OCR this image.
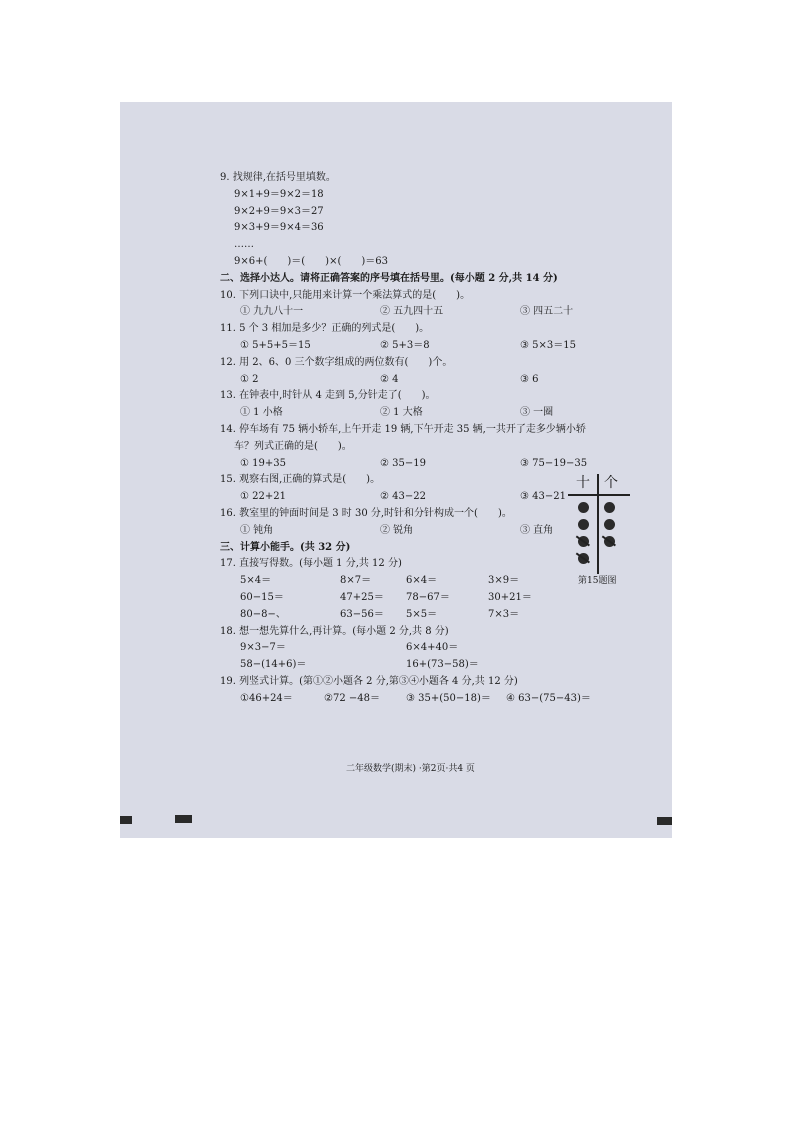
9. 找规律,在括号里填数。
9×1+9＝9×2＝18
9×2+9＝9×3＝27
9×3+9＝9×4＝36
……
9×6+(　　)＝(　　)×(　　)＝63
二、选择小达人。请将正确答案的序号填在括号里。(每小题 2 分,共 14 分)
10. 下列口诀中,只能用来计算一个乘法算式的是(　　)。
① 九九八十一	② 五九四十五	③ 四五二十
11. 5 个 3 相加是多少？正确的列式是(　　)。
① 5+5+5＝15	② 5+3＝8	③ 5×3＝15
12. 用 2、6、0 三个数字组成的两位数有(　　)个。
① 2	② 4	③ 6
13. 在钟表中,时针从 4 走到 5,分针走了(　　)。
① 1 小格	② 1 大格	③ 一圈
14. 停车场有 75 辆小轿车,上午开走 19 辆,下午开走 35 辆,一共开了走多少辆小轿
车？列式正确的是(　　)。
① 19+35	② 35−19	③ 75−19−35
15. 观察右图,正确的算式是(　　)。
① 22+21	② 43−22	③ 43−21
16. 教室里的钟面时间是 3 时 30 分,时针和分针构成一个(　　)。
① 钝角	② 锐角	③ 直角
三、计算小能手。(共 32 分)
17. 直接写得数。(每小题 1 分,共 12 分)
5×4＝	8×7＝	6×4＝	3×9＝
60−15＝	47+25＝ 78−67＝	30+21＝
80−8−、	63−56＝ 5×5＝	7×3＝
18. 想一想先算什么,再计算。(每小题 2 分,共 8 分)
9×3−7＝	6×4+40＝
58−(14+6)＝	16+(73−58)＝
19. 列竖式计算。(第①②小题各 2 分,第③④小题各 4 分,共 12 分)
①46+24＝	②72 −48＝	③ 35+(50−18)＝ ④ 63−(75−43)＝
十 个
第15题图
二年级数学(期末) ·第2页·共4 页
